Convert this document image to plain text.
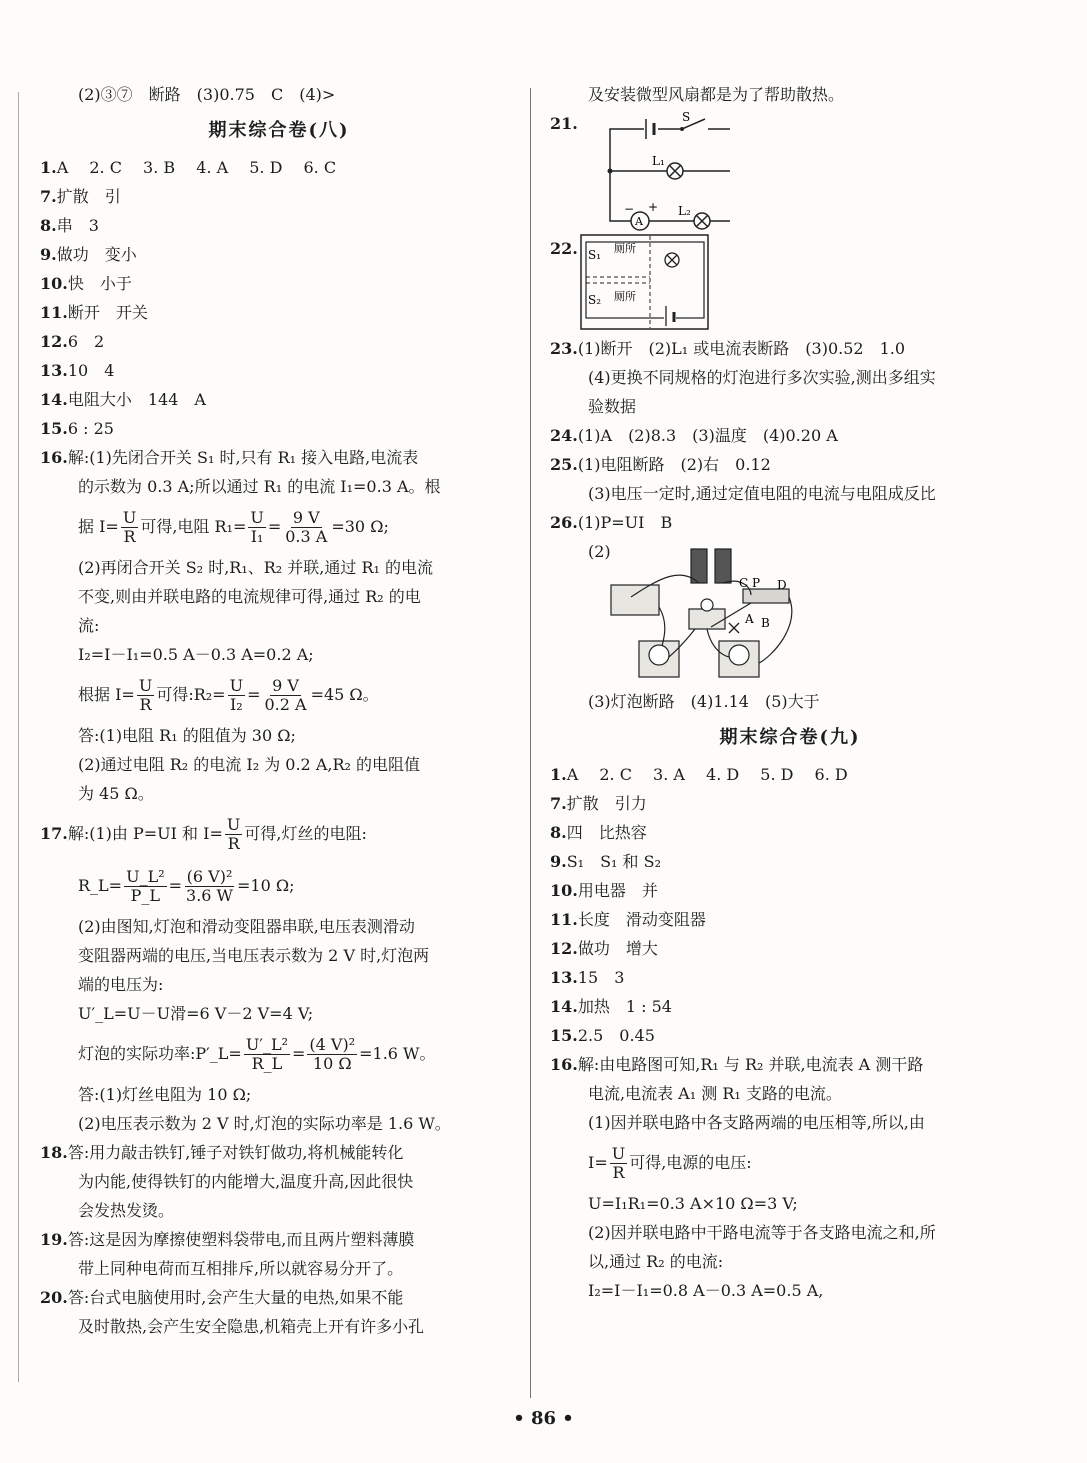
(2)③⑦　断路　(3)0.75　C　(4)>
期末综合卷(八)
1.A　 2. C　 3. B　 4. A　 5. D　 6. C
7.扩散　引
8.串　3
9.做功　变小
10.快　小于
11.断开　开关
12.6　2
13.10　4
14.电阻大小　144　A
15.6 : 25
16.解:(1)先闭合开关 S₁ 时,只有 R₁ 接入电路,电流表
的示数为 0.3 A;所以通过 R₁ 的电流 I₁=0.3 A。根
据 $I= \frac{U}{R}$ 可得,电阻 $R_1= \frac{U}{\text{I₁}} = \frac{9 V}{0.3 A} =30$ Ω;
(2)再闭合开关 S₂ 时,R₁、R₂ 并联,通过 R₁ 的电流
不变,则由并联电路的电流规律可得,通过 R₂ 的电
流:
I₂=I－I₁=0.5 A－0.3 A=0.2 A;
根据 $I= \frac{U}{R}$ 可得:R₂= $\frac{U}{\text{I₂}} = \frac{9 V}{0.2 A} =45$ Ω。
答:(1)电阻 R₁ 的阻值为 30 Ω;
(2)通过电阻 R₂ 的电流 I₂ 为 0.2 A,R₂ 的电阻值
为 45 Ω。
17.解:(1)由 P=UI 和 $I= \frac{U}{R}$ 可得,灯丝的电阻:
R_L= $\frac{\text{U\_L²}}{P\_L} = \frac{\text{(6 V)²}}{3.6 W} =10$ Ω;
(2)由图知,灯泡和滑动变阻器串联,电压表测滑动
变阻器两端的电压,当电压表示数为 2 V 时,灯泡两
端的电压为:
U′_L=U－U滑=6 V－2 V=4 V;
灯泡的实际功率:P′_L= $\frac{\text{U′\_L²}}{R\_L} = \frac{\text{(4 V)²}}{10 \Omega} =1.6$ W。
答:(1)灯丝电阻为 10 Ω;
(2)电压表示数为 2 V 时,灯泡的实际功率是 1.6 W。
18.答:用力敲击铁钉,锤子对铁钉做功,将机械能转化
为内能,使得铁钉的内能增大,温度升高,因此很快
会发热发烫。
19.答:这是因为摩擦使塑料袋带电,而且两片塑料薄膜
带上同种电荷而互相排斥,所以就容易分开了。
20.答:台式电脑使用时,会产生大量的电热,如果不能
及时散热,会产生安全隐患,机箱壳上开有许多小孔
及安装微型风扇都是为了帮助散热。
21.	S
L₁
A
− + L₂
22. S₁ 厕所
S₂ 厕所
23.(1)断开　(2)L₁ 或电流表断路　(3)0.52　1.0
(4)更换不同规格的灯泡进行多次实验,测出多组实
验数据
24.(1)A　(2)8.3　(3)温度　(4)0.20 A
25.(1)电阻断路　(2)右　0.12
(3)电压一定时,通过定值电阻的电流与电阻成反比
26.(1)P=UI　B
(2)
C P D
A B
(3)灯泡断路　(4)1.14　(5)大于
期末综合卷(九)
1.A　 2. C　 3. A　 4. D　 5. D　 6. D
7.扩散　引力
8.四　比热容
9.S₁　S₁ 和 S₂
10.用电器　并
11.长度　滑动变阻器
12.做功　增大
13.15　3
14.加热　1 : 54
15.2.5　0.45
16.解:由电路图可知,R₁ 与 R₂ 并联,电流表 A 测干路
电流,电流表 A₁ 测 R₁ 支路的电流。
(1)因并联电路中各支路两端的电压相等,所以,由
$I= \frac{U}{R}$ 可得,电源的电压:
U=I₁R₁=0.3 A×10 Ω=3 V;
(2)因并联电路中干路电流等于各支路电流之和,所
以,通过 R₂ 的电流:
I₂=I－I₁=0.8 A－0.3 A=0.5 A,
• 86 •
